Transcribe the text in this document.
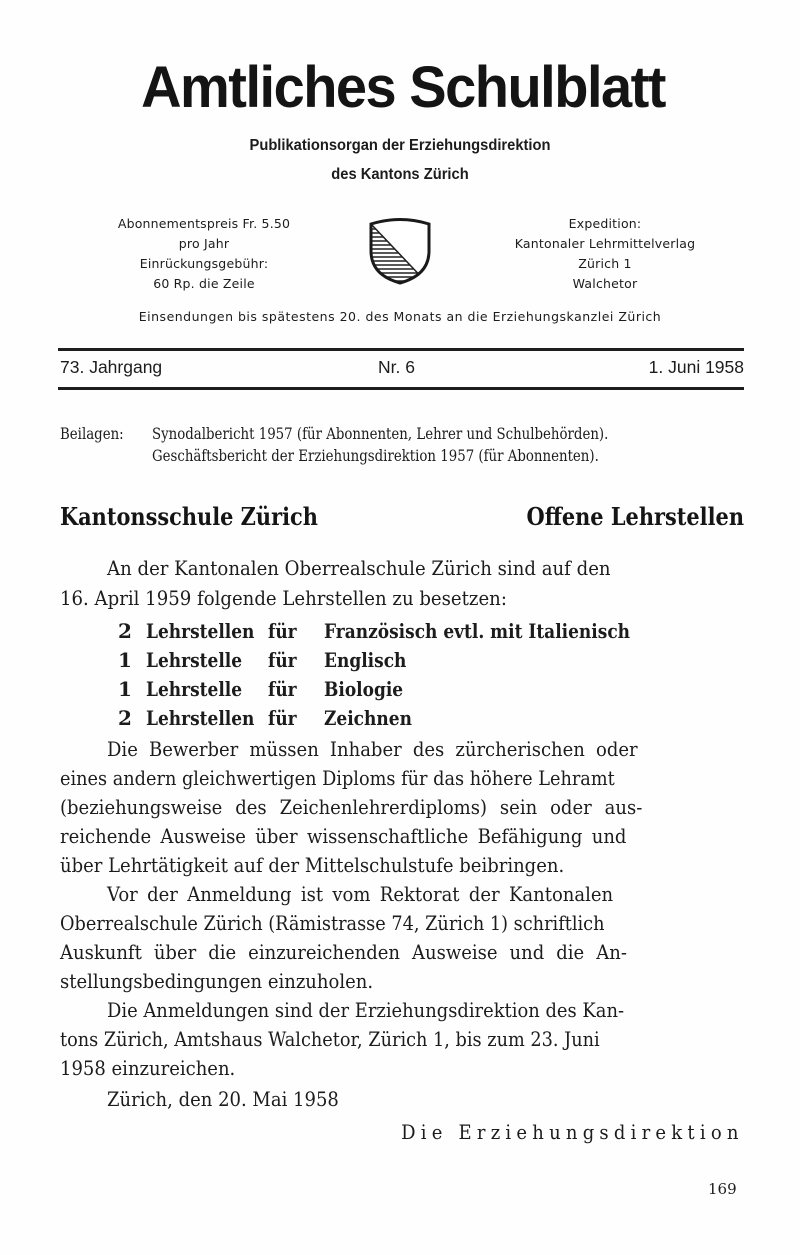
Amtliches Schulblatt
Publikationsorgan der Erziehungsdirektion
des Kantons Zürich
Abonnementspreis Fr. 5.50
pro Jahr
Einrückungsgebühr:
60 Rp. die Zeile
Expedition:
Kantonaler Lehrmittelverlag
Zürich 1
Walchetor
Einsendungen bis spätestens 20. des Monats an die Erziehungskanzlei Zürich
73. Jahrgang	Nr. 6	1. Juni 1958
Beilagen: Synodalbericht 1957 (für Abonnenten, Lehrer und Schulbehörden).
Geschäftsbericht der Erziehungsdirektion 1957 (für Abonnenten).
Kantonsschule Zürich	Offene Lehrstellen
An der Kantonalen Oberrealschule Zürich sind auf den
16. April 1959 folgende Lehrstellen zu besetzen:
2 Lehrstellen für Französisch evtl. mit Italienisch
1 Lehrstelle für Englisch
1 Lehrstelle für Biologie
2 Lehrstellen für Zeichnen
Die Bewerber müssen Inhaber des zürcherischen oder
eines andern gleichwertigen Diploms für das höhere Lehramt
(beziehungsweise des Zeichenlehrerdiploms) sein oder aus-
reichende Ausweise über wissenschaftliche Befähigung und
über Lehrtätigkeit auf der Mittelschulstufe beibringen.
Vor der Anmeldung ist vom Rektorat der Kantonalen
Oberrealschule Zürich (Rämistrasse 74, Zürich 1) schriftlich
Auskunft über die einzureichenden Ausweise und die An-
stellungsbedingungen einzuholen.
Die Anmeldungen sind der Erziehungsdirektion des Kan-
tons Zürich, Amtshaus Walchetor, Zürich 1, bis zum 23. Juni
1958 einzureichen.
Zürich, den 20. Mai 1958
Die Erziehungsdirektion
169
